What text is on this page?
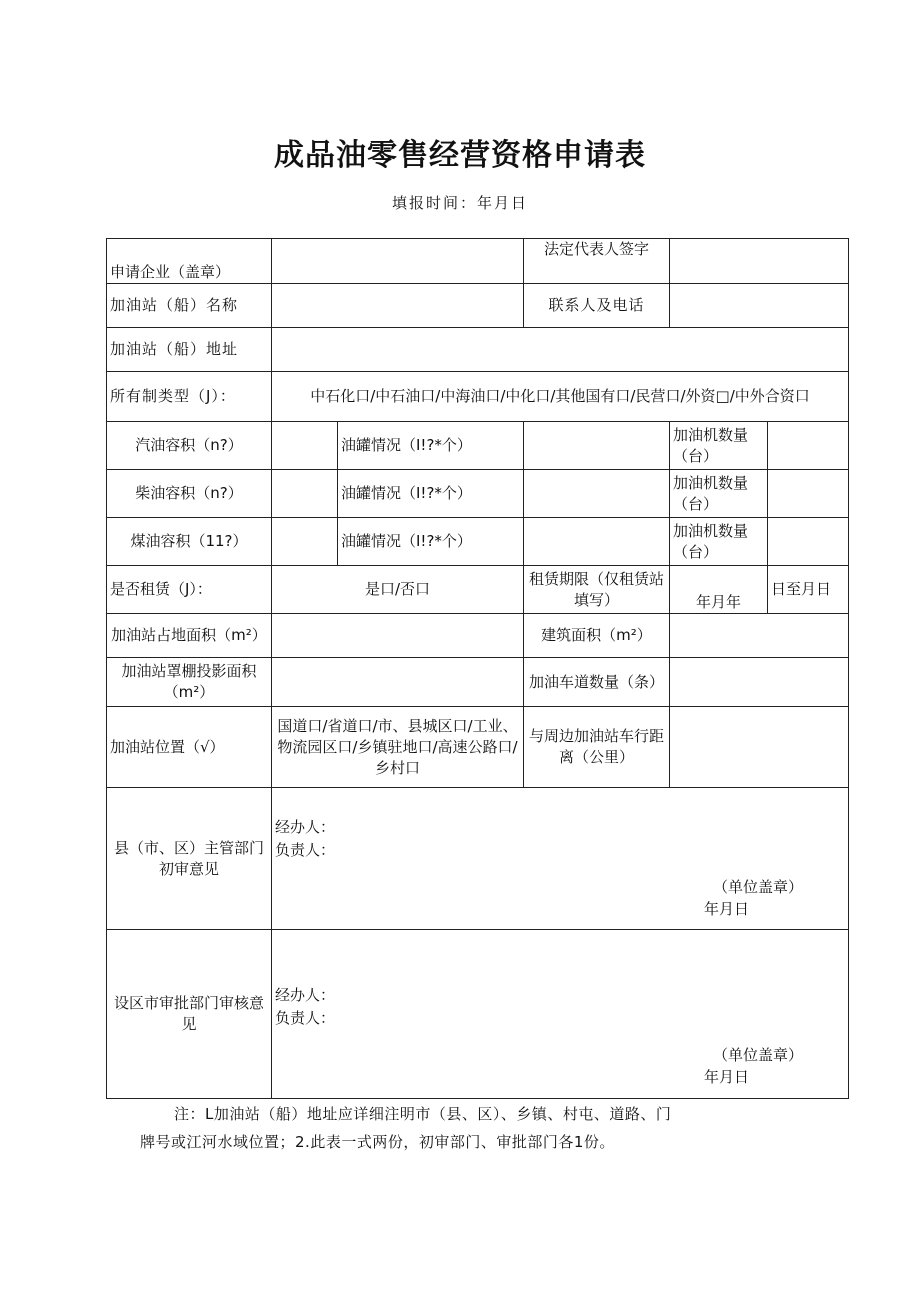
成品油零售经营资格申请表
填报时间：年月日
申请企业（盖章）			法定代表人签字		
加油站（船）名称			联系人及电话		
加油站（船）地址					
所有制类型（J）：	中石化口/中石油口/中海油口/中化口/其他国有口/民营口/外资□/中外合资口				
汽油容积（n?）		油罐情况（I!?*个）		加油机数量（台）	
柴油容积（n?）		油罐情况（I!?*个）		加油机数量（台）	
煤油容积（11?）		油罐情况（I!?*个）		加油机数量（台）	
是否租赁（J）：	是口/否口		租赁期限（仅租赁站填写）	年月年	日至月日
加油站占地面积（m²）			建筑面积（m²）		
加油站罩棚投影面积（m²）			加油车道数量（条）		
加油站位置（√）	国道口/省道口/市、县城区口/工业、物流园区口/乡镇驻地口/高速公路口/乡村口		与周边加油站车行距离（公里）		
县（市、区）主管部门初审意见	经办人：
负责人：
（单位盖章）
年月日				

设区市审批部门审核意见	经办人：
负责人：
（单位盖章）
年月日				
注：L加油站（船）地址应详细注明市（县、区）、乡镇、村屯、道路、门
牌号或江河水域位置；2.此表一式两份，初审部门、审批部门各1份。
